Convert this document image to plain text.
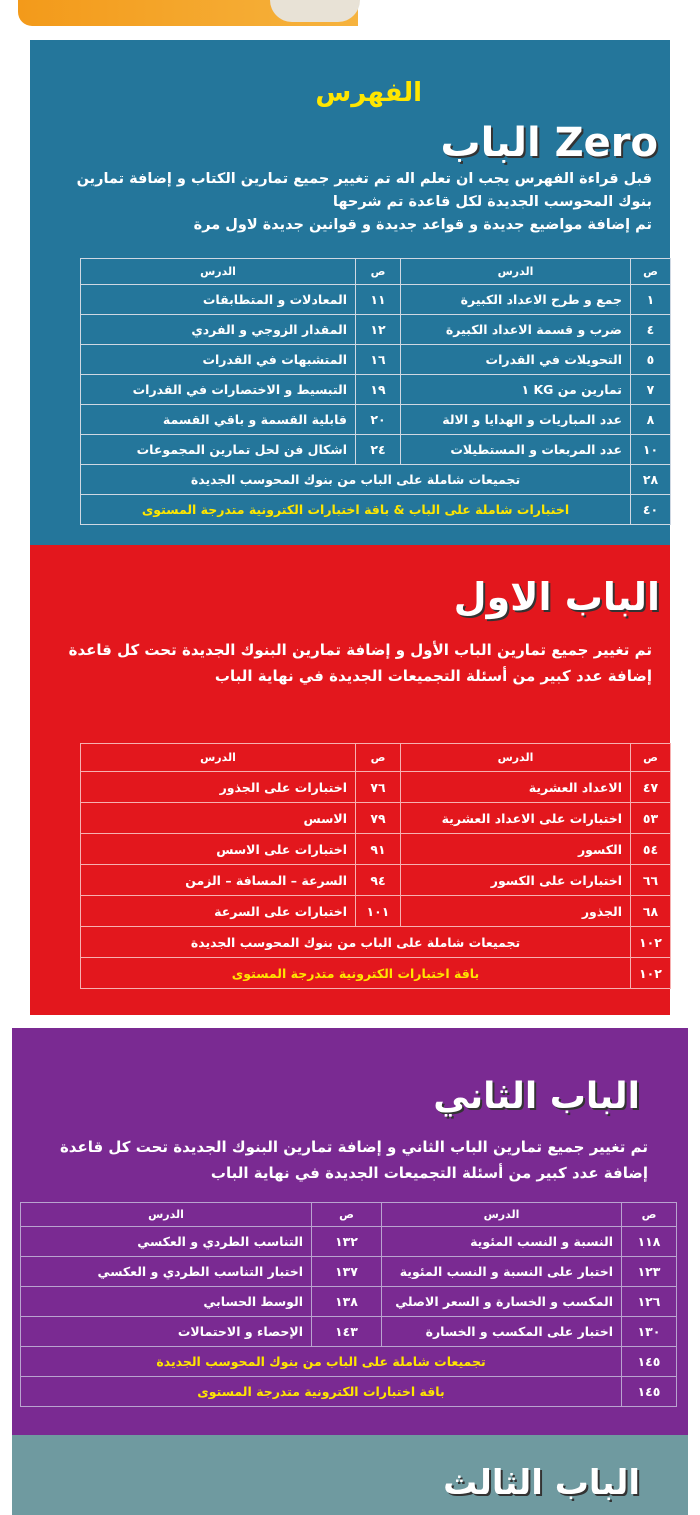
الفهرس
الباب Zero
قبل قراءة الفهرس يجب ان تعلم اله تم تغيير جميع تمارين الكتاب و إضافة تمارين
بنوك المحوسب الجديدة لكل قاعدة تم شرحها
تم إضافة مواضيع جديدة و قواعد جديدة و قوانين جديدة لاول مرة
ص	الدرس	ص	الدرس
١	جمع و طرح الاعداد الكبيرة	١١	المعادلات و المتطابقات
٤	ضرب و قسمة الاعداد الكبيرة	١٢	المقدار الزوجي و الفردي
٥	التحويلات في القدرات	١٦	المتشبهات في القدرات
٧	تمارين من KG ١	١٩	التبسيط و الاختصارات في القدرات
٨	عدد المباريات و الهدايا و الالة	٢٠	قابلية القسمة و باقي القسمة
١٠	عدد المربعات و المستطيلات	٢٤	اشكال فن لحل تمارين المجموعات
٢٨	تجميعات شاملة على الباب من بنوك المحوسب الجديدة		
٤٠	اختبارات شاملة على الباب & باقة اختبارات الكترونية متدرجة المستوى		
الباب الاول
تم تغيير جميع تمارين الباب الأول و إضافة تمارين البنوك الجديدة تحت كل قاعدة
إضافة عدد كبير من أسئلة التجميعات الجديدة في نهاية الباب
ص	الدرس	ص	الدرس
٤٧	الاعداد العشرية	٧٦	اختبارات على الجذور
٥٣	اختبارات على الاعداد العشرية	٧٩	الاسس
٥٤	الكسور	٩١	اختبارات على الاسس
٦٦	اختبارات على الكسور	٩٤	السرعة – المسافة – الزمن
٦٨	الجذور	١٠١	اختبارات على السرعة
١٠٢	تجميعات شاملة على الباب من بنوك المحوسب الجديدة		
١٠٢	باقة اختبارات الكترونية متدرجة المستوى		
الباب الثاني
تم تغيير جميع تمارين الباب الثاني و إضافة تمارين البنوك الجديدة تحت كل قاعدة
إضافة عدد كبير من أسئلة التجميعات الجديدة في نهاية الباب
ص	الدرس	ص	الدرس
١١٨	النسبة و النسب المئوية	١٣٢	التناسب الطردي و العكسي
١٢٣	اختبار على النسبة و النسب المئوية	١٣٧	اختبار التناسب الطردي و العكسي
١٢٦	المكسب و الخسارة و السعر الاصلي	١٣٨	الوسط الحسابي
١٣٠	اختبار على المكسب و الخسارة	١٤٣	الإحصاء و الاحتمالات
١٤٥	تجميعات شاملة على الباب من بنوك المحوسب الجديدة		
١٤٥	باقة اختبارات الكترونية متدرجة المستوى		
الباب الثالث
